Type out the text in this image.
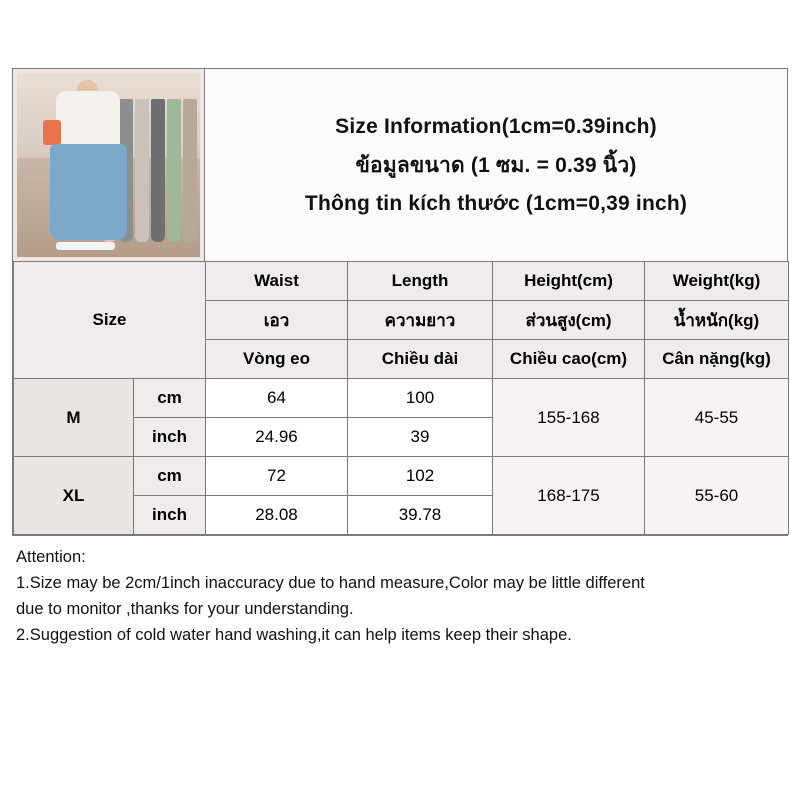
Size Information(1cm=0.39inch)
ข้อมูลขนาด (1 ซม. = 0.39 นิ้ว)
Thông tin kích thước (1cm=0,39 inch)
Size		Waist	Length	Height(cm)	Weight(kg)
		เอว	ความยาว	ส่วนสูง(cm)	น้ำหนัก(kg)
		Vòng eo	Chiều dài	Chiều cao(cm)	Cân nặng(kg)
M	cm	64	100	155-168	45-55
	inch	24.96	39		
XL	cm	72	102	168-175	55-60
	inch	28.08	39.78		

Attention:

1.Size may be 2cm/1inch inaccuracy due to hand measure,Color may be little different

due to monitor ,thanks for your understanding.

2.Suggestion of cold water hand washing,it can help items keep their shape.
